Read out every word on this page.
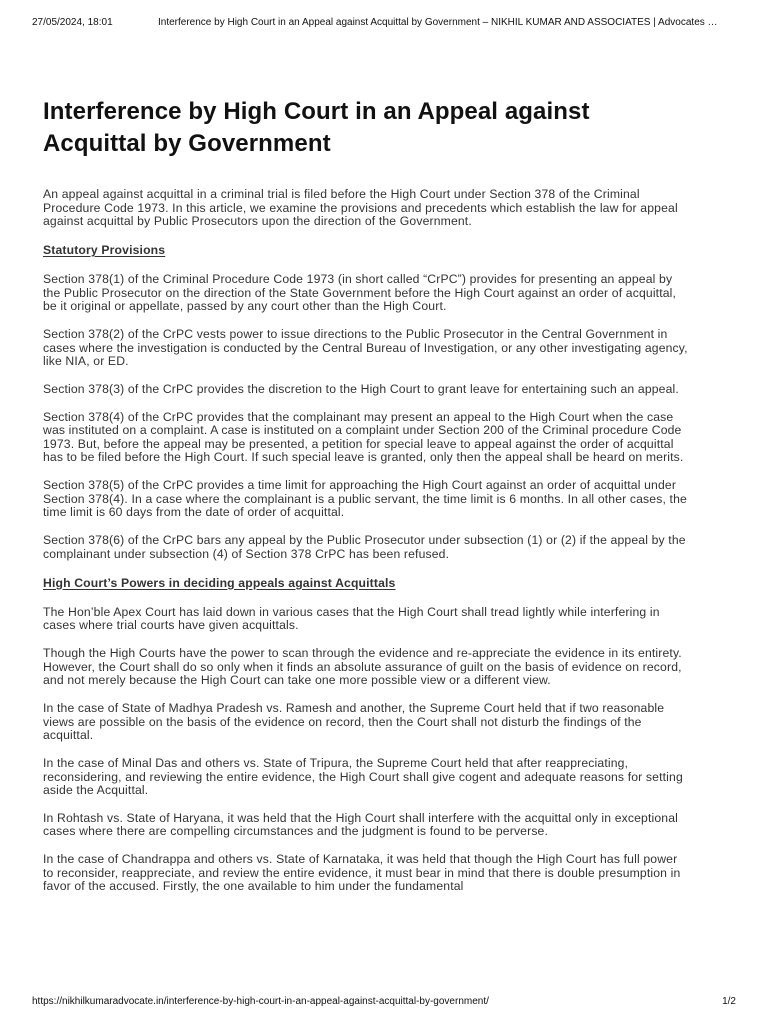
27/05/2024, 18:01	Interference by High Court in an Appeal against Acquittal by Government – NIKHIL KUMAR AND ASSOCIATES | Advocates …
Interference by High Court in an Appeal against Acquittal by Government

An appeal against acquittal in a criminal trial is filed before the High Court under Section 378 of the Criminal Procedure Code 1973. In this article, we examine the provisions and precedents which establish the law for appeal against acquittal by Public Prosecutors upon the direction of the Government.

Statutory Provisions

Section 378(1) of the Criminal Procedure Code 1973 (in short called “CrPC”) provides for presenting an appeal by the Public Prosecutor on the direction of the State Government before the High Court against an order of acquittal, be it original or appellate, passed by any court other than the High Court.

Section 378(2) of the CrPC vests power to issue directions to the Public Prosecutor in the Central Government in cases where the investigation is conducted by the Central Bureau of Investigation, or any other investigating agency, like NIA, or ED.

Section 378(3) of the CrPC provides the discretion to the High Court to grant leave for entertaining such an appeal.

Section 378(4) of the CrPC provides that the complainant may present an appeal to the High Court when the case was instituted on a complaint. A case is instituted on a complaint under Section 200 of the Criminal procedure Code 1973. But, before the appeal may be presented, a petition for special leave to appeal against the order of acquittal has to be filed before the High Court. If such special leave is granted, only then the appeal shall be heard on merits.

Section 378(5) of the CrPC provides a time limit for approaching the High Court against an order of acquittal under Section 378(4). In a case where the complainant is a public servant, the time limit is 6 months. In all other cases, the time limit is 60 days from the date of order of acquittal.

Section 378(6) of the CrPC bars any appeal by the Public Prosecutor under subsection (1) or (2) if the appeal by the complainant under subsection (4) of Section 378 CrPC has been refused.

High Court’s Powers in deciding appeals against Acquittals

The Hon’ble Apex Court has laid down in various cases that the High Court shall tread lightly while interfering in cases where trial courts have given acquittals.

Though the High Courts have the power to scan through the evidence and re-appreciate the evidence in its entirety. However, the Court shall do so only when it finds an absolute assurance of guilt on the basis of evidence on record, and not merely because the High Court can take one more possible view or a different view.

In the case of State of Madhya Pradesh vs. Ramesh and another, the Supreme Court held that if two reasonable views are possible on the basis of the evidence on record, then the Court shall not disturb the findings of the acquittal.

In the case of Minal Das and others vs. State of Tripura, the Supreme Court held that after reappreciating, reconsidering, and reviewing the entire evidence, the High Court shall give cogent and adequate reasons for setting aside the Acquittal.

In Rohtash vs. State of Haryana, it was held that the High Court shall interfere with the acquittal only in exceptional cases where there are compelling circumstances and the judgment is found to be perverse.

In the case of Chandrappa and others vs. State of Karnataka, it was held that though the High Court has full power to reconsider, reappreciate, and review the entire evidence, it must bear in mind that there is double presumption in favor of the accused. Firstly, the one available to him under the fundamental

https://nikhilkumaradvocate.in/interference-by-high-court-in-an-appeal-against-acquittal-by-government/	1/2
